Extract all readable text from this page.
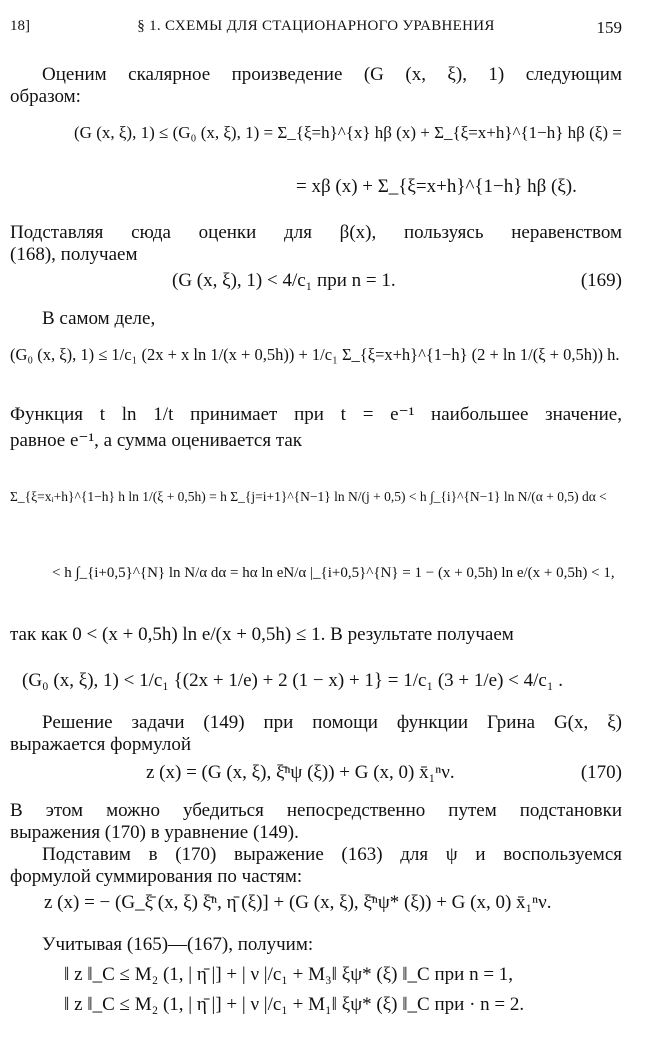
18]	§ 1. СХЕМЫ ДЛЯ СТАЦИОНАРНОГО УРАВНЕНИЯ	159
Оценим скалярное произведение (G (x, ξ), 1) следующим
образом:
(G (x, ξ), 1) ≤ (G₀ (x, ξ), 1) = Σ_{ξ=h}^{x} hβ (x) + Σ_{ξ=x+h}^{1−h} hβ (ξ) =
= xβ (x) + Σ_{ξ=x+h}^{1−h} hβ (ξ).
Подставляя сюда оценки для β(x), пользуясь неравенством
(168), получаем
(G (x, ξ), 1) < 4/c₁ при n = 1.	(169)
В самом деле,
(G₀ (x, ξ), 1) ≤ 1/c₁ (2x + x ln 1/(x + 0,5h)) + 1/c₁ Σ_{ξ=x+h}^{1−h} (2 + ln 1/(ξ + 0,5h)) h.
Функция t ln 1/t принимает при t = e⁻¹ наибольшее значение,
равное e⁻¹, а сумма оценивается так
Σ_{ξ=xᵢ+h}^{1−h} h ln 1/(ξ + 0,5h) = h Σ_{j=i+1}^{N−1} ln N/(j + 0,5) < h ∫_{i}^{N−1} ln N/(α + 0,5) dα <
< h ∫_{i+0,5}^{N} ln N/α dα = hα ln eN/α |_{i+0,5}^{N} = 1 − (x + 0,5h) ln e/(x + 0,5h) < 1,
так как 0 < (x + 0,5h) ln e/(x + 0,5h) ≤ 1. В результате получаем
(G₀ (x, ξ), 1) < 1/c₁ {(2x + 1/e) + 2 (1 − x) + 1} = 1/c₁ (3 + 1/e) < 4/c₁ .
Решение задачи (149) при помощи функции Грина G(x, ξ)
выражается формулой
z (x) = (G (x, ξ), ξ̄ⁿψ (ξ)) + G (x, 0) x̄₁ⁿν.	(170)
В этом можно убедиться непосредственно путем подстановки
выражения (170) в уравнение (149).
Подставим в (170) выражение (163) для ψ и воспользуемся
формулой суммирования по частям:
z (x) = − (G_ξ̄ (x, ξ) ξ̄ⁿ, η̄ (ξ)] + (G (x, ξ), ξ̄ⁿψ* (ξ)) + G (x, 0) x̄₁ⁿν.
Учитывая (165)—(167), получим:
‖ z ‖_C ≤ M₂ (1, | η̄ |] + | ν |/c₁ + M₃‖ ξψ* (ξ) ‖_C при n = 1,
‖ z ‖_C ≤ M₂ (1, | η̄ |] + | ν |/c₁ + M₁‖ ξψ* (ξ) ‖_C при · n = 2.
